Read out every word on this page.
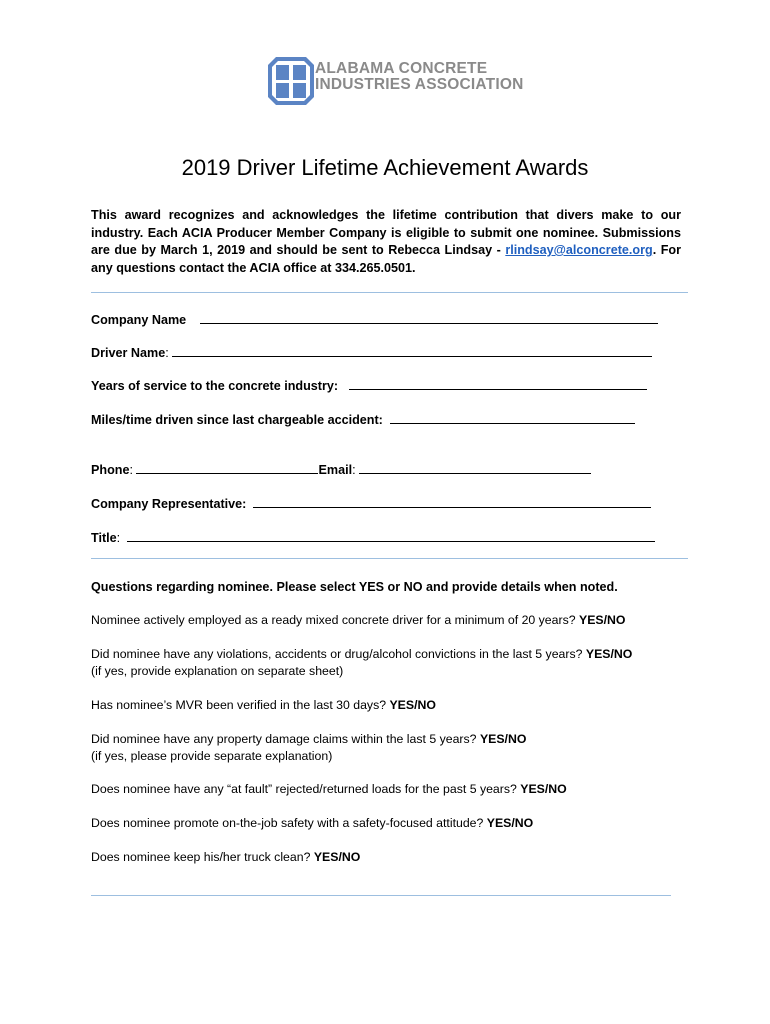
ALABAMA CONCRETE
INDUSTRIES ASSOCIATION
2019 Driver Lifetime Achievement Awards
This award recognizes and acknowledges the lifetime contribution that divers make to our industry. Each ACIA Producer Member Company is eligible to submit one nominee. Submissions are due by March 1, 2019 and should be sent to Rebecca Lindsay - rlindsay@alconcrete.org. For any questions contact the ACIA office at 334.265.0501.
Company Name
Driver Name:
Years of service to the concrete industry:
Miles/time driven since last chargeable accident:
Phone:	Email:
Company Representative:
Title:
Questions regarding nominee. Please select YES or NO and provide details when noted.
Nominee actively employed as a ready mixed concrete driver for a minimum of 20 years? YES/NO
Did nominee have any violations, accidents or drug/alcohol convictions in the last 5 years? YES/NO
(if yes, provide explanation on separate sheet)
Has nominee’s MVR been verified in the last 30 days? YES/NO
Did nominee have any property damage claims within the last 5 years? YES/NO
(if yes, please provide separate explanation)
Does nominee have any “at fault” rejected/returned loads for the past 5 years? YES/NO
Does nominee promote on-the-job safety with a safety-focused attitude? YES/NO
Does nominee keep his/her truck clean? YES/NO
